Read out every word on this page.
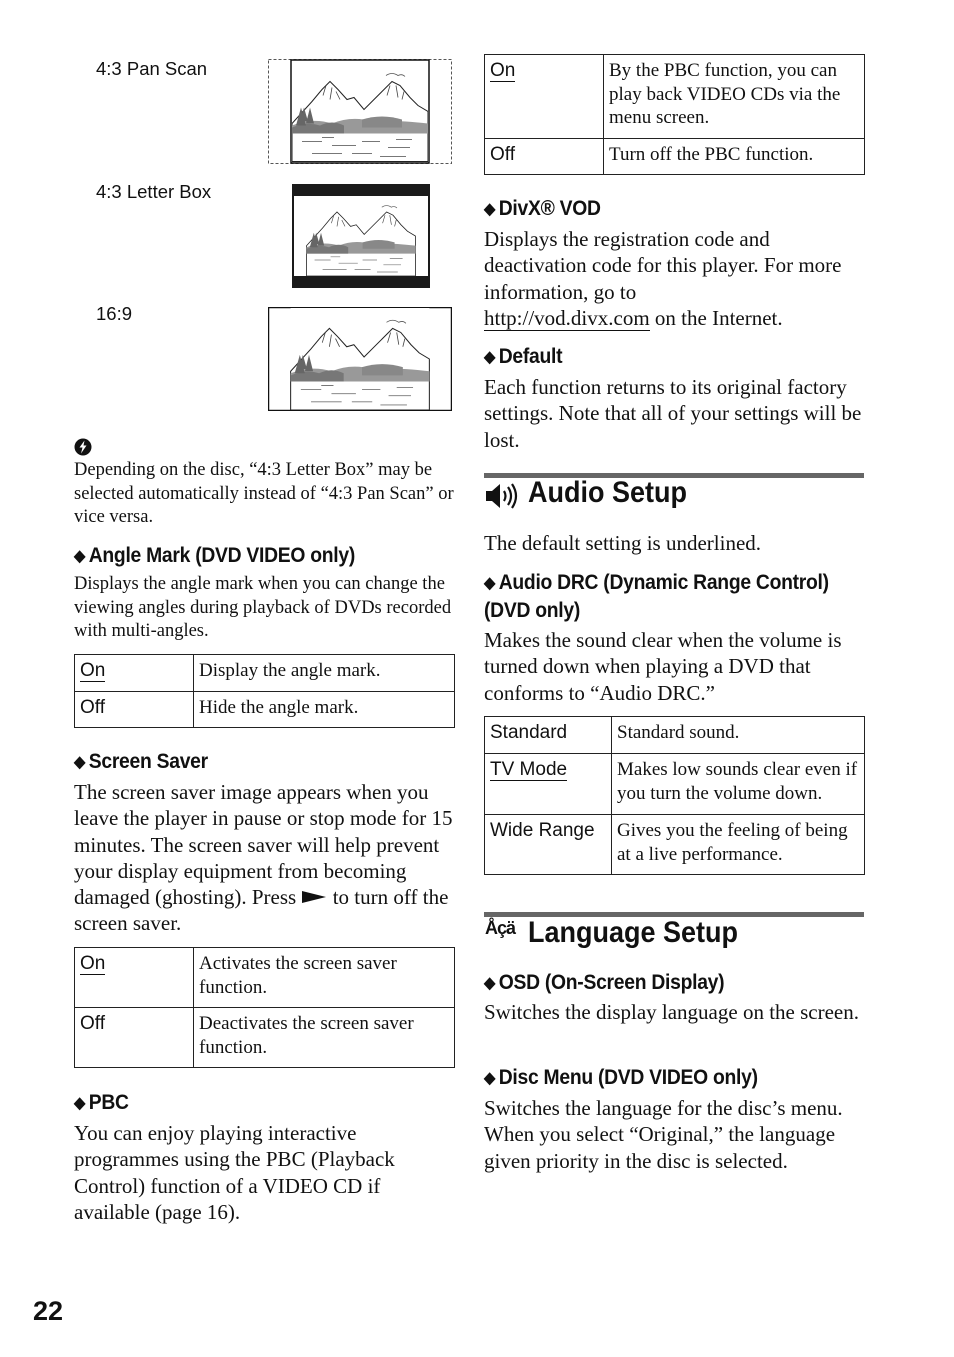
4:3 Pan Scan
4:3 Letter Box
16:9
Depending on the disc, “4:3 Letter Box” may be selected automatically instead of “4:3 Pan Scan” or vice versa.
◆ Angle Mark (DVD VIDEO only)
Displays the angle mark when you can change the viewing angles during playback of DVDs recorded with multi-angles.
On	Display the angle mark.
Off	Hide the angle mark.
◆ Screen Saver
The screen saver image appears when you leave the player in pause or stop mode for 15 minutes. The screen saver will help prevent your display equipment from becoming damaged (ghosting). Press to turn off the screen saver.
On	Activates the screen saver function.
Off	Deactivates the screen saver function.
◆ PBC
You can enjoy playing interactive programmes using the PBC (Playback Control) function of a VIDEO CD if available (page 16).
On	By the PBC function, you can play back VIDEO CDs via the menu screen.
Off	Turn off the PBC function.
◆ DivX® VOD
Displays the registration code and deactivation code for this player. For more information, go to
http://vod.divx.com on the Internet.
◆ Default
Each function returns to its original factory settings. Note that all of your settings will be lost.
Audio Setup
The default setting is underlined.
◆ Audio DRC (Dynamic Range Control)
(DVD only)
Makes the sound clear when the volume is turned down when playing a DVD that conforms to “Audio DRC.”
Standard	Standard sound.
TV Mode	Makes low sounds clear even if you turn the volume down.
Wide Range	Gives you the feeling of being at a live performance.
Åçä Language Setup
◆ OSD (On-Screen Display)
Switches the display language on the screen.
◆ Disc Menu (DVD VIDEO only)
Switches the language for the disc’s menu. When you select “Original,” the language given priority in the disc is selected.
22
